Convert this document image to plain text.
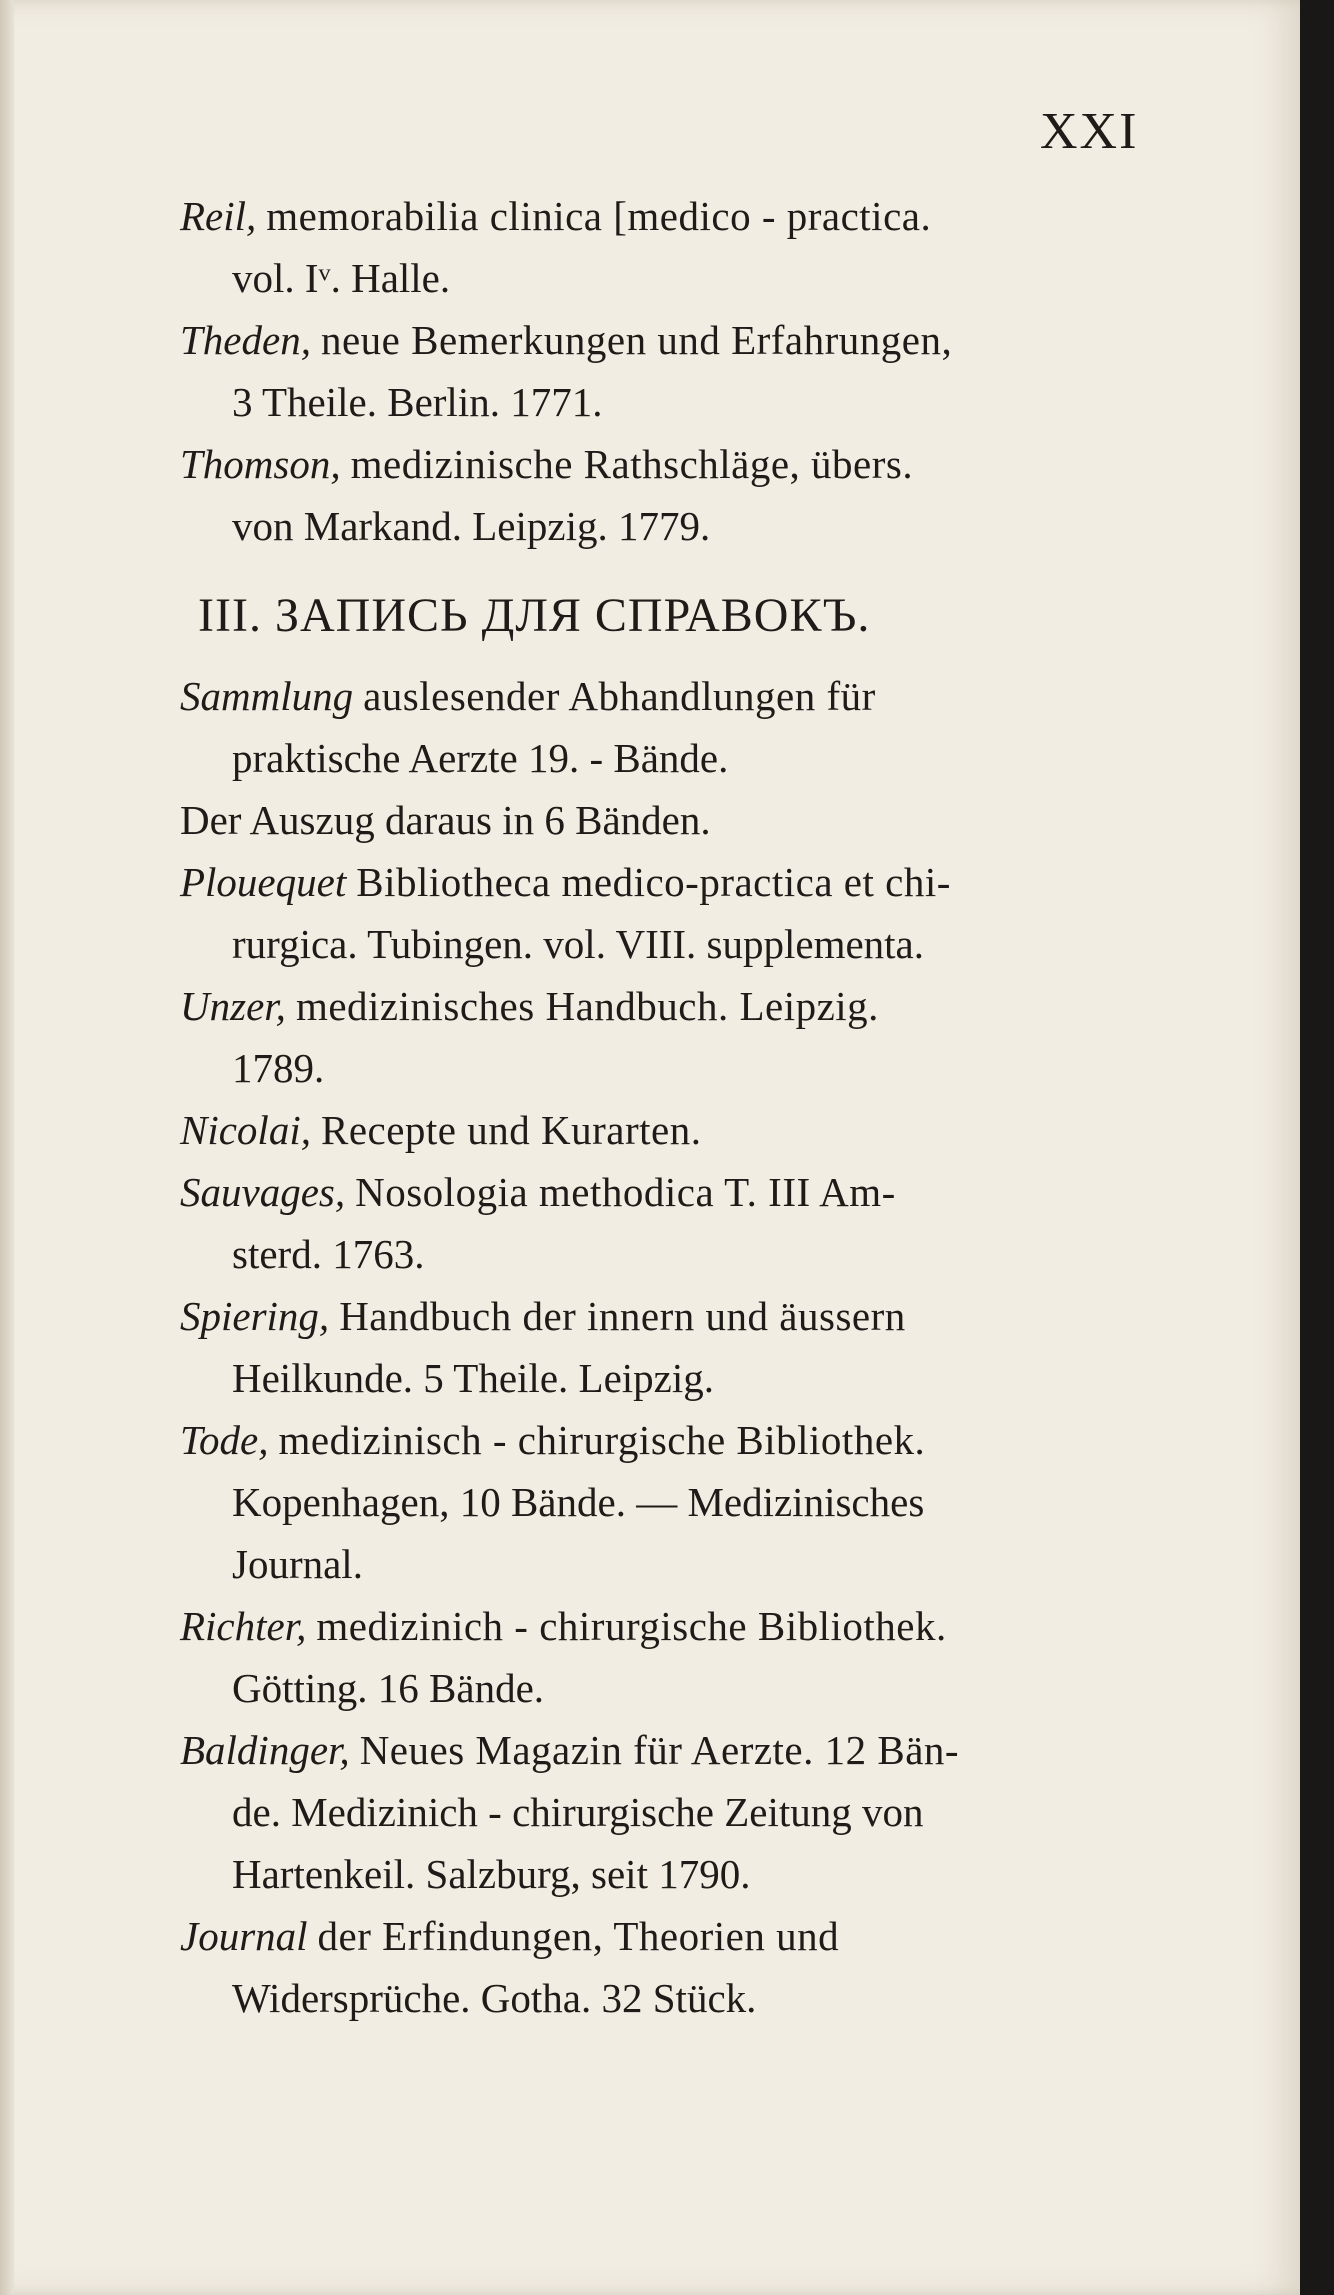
XXI

Reil, memorabilia clinica [medico - practica.
vol. Iᵛ. Halle.

Theden, neue Bemerkungen und Erfahrungen,
3 Theile. Berlin. 1771.

Thomson, medizinische Rathschläge, übers.
von Markand. Leipzig. 1779.

III. ЗАПИСЬ ДЛЯ СПРАВОКЪ.

Sammlung auslesender Abhandlungen für
praktische Aerzte 19. - Bände.

Der Auszug daraus in 6 Bänden.

Plouequet Bibliotheca medico-practica et chi-
rurgica. Tubingen. vol. VIII. supplementa.

Unzer, medizinisches Handbuch. Leipzig.
1789.

Nicolai, Recepte und Kurarten.

Sauvages, Nosologia methodica T. III Am-
sterd. 1763.

Spiering, Handbuch der innern und äussern
Heilkunde. 5 Theile. Leipzig.

Tode, medizinisch - chirurgische Bibliothek.
Kopenhagen, 10 Bände. — Medizinisches
Journal.

Richter, medizinich - chirurgische Bibliothek.
Götting. 16 Bände.

Baldinger, Neues Magazin für Aerzte. 12 Bän-
de. Medizinich - chirurgische Zeitung von
Hartenkeil. Salzburg, seit 1790.

Journal der Erfindungen, Theorien und
Widersprüche. Gotha. 32 Stück.
